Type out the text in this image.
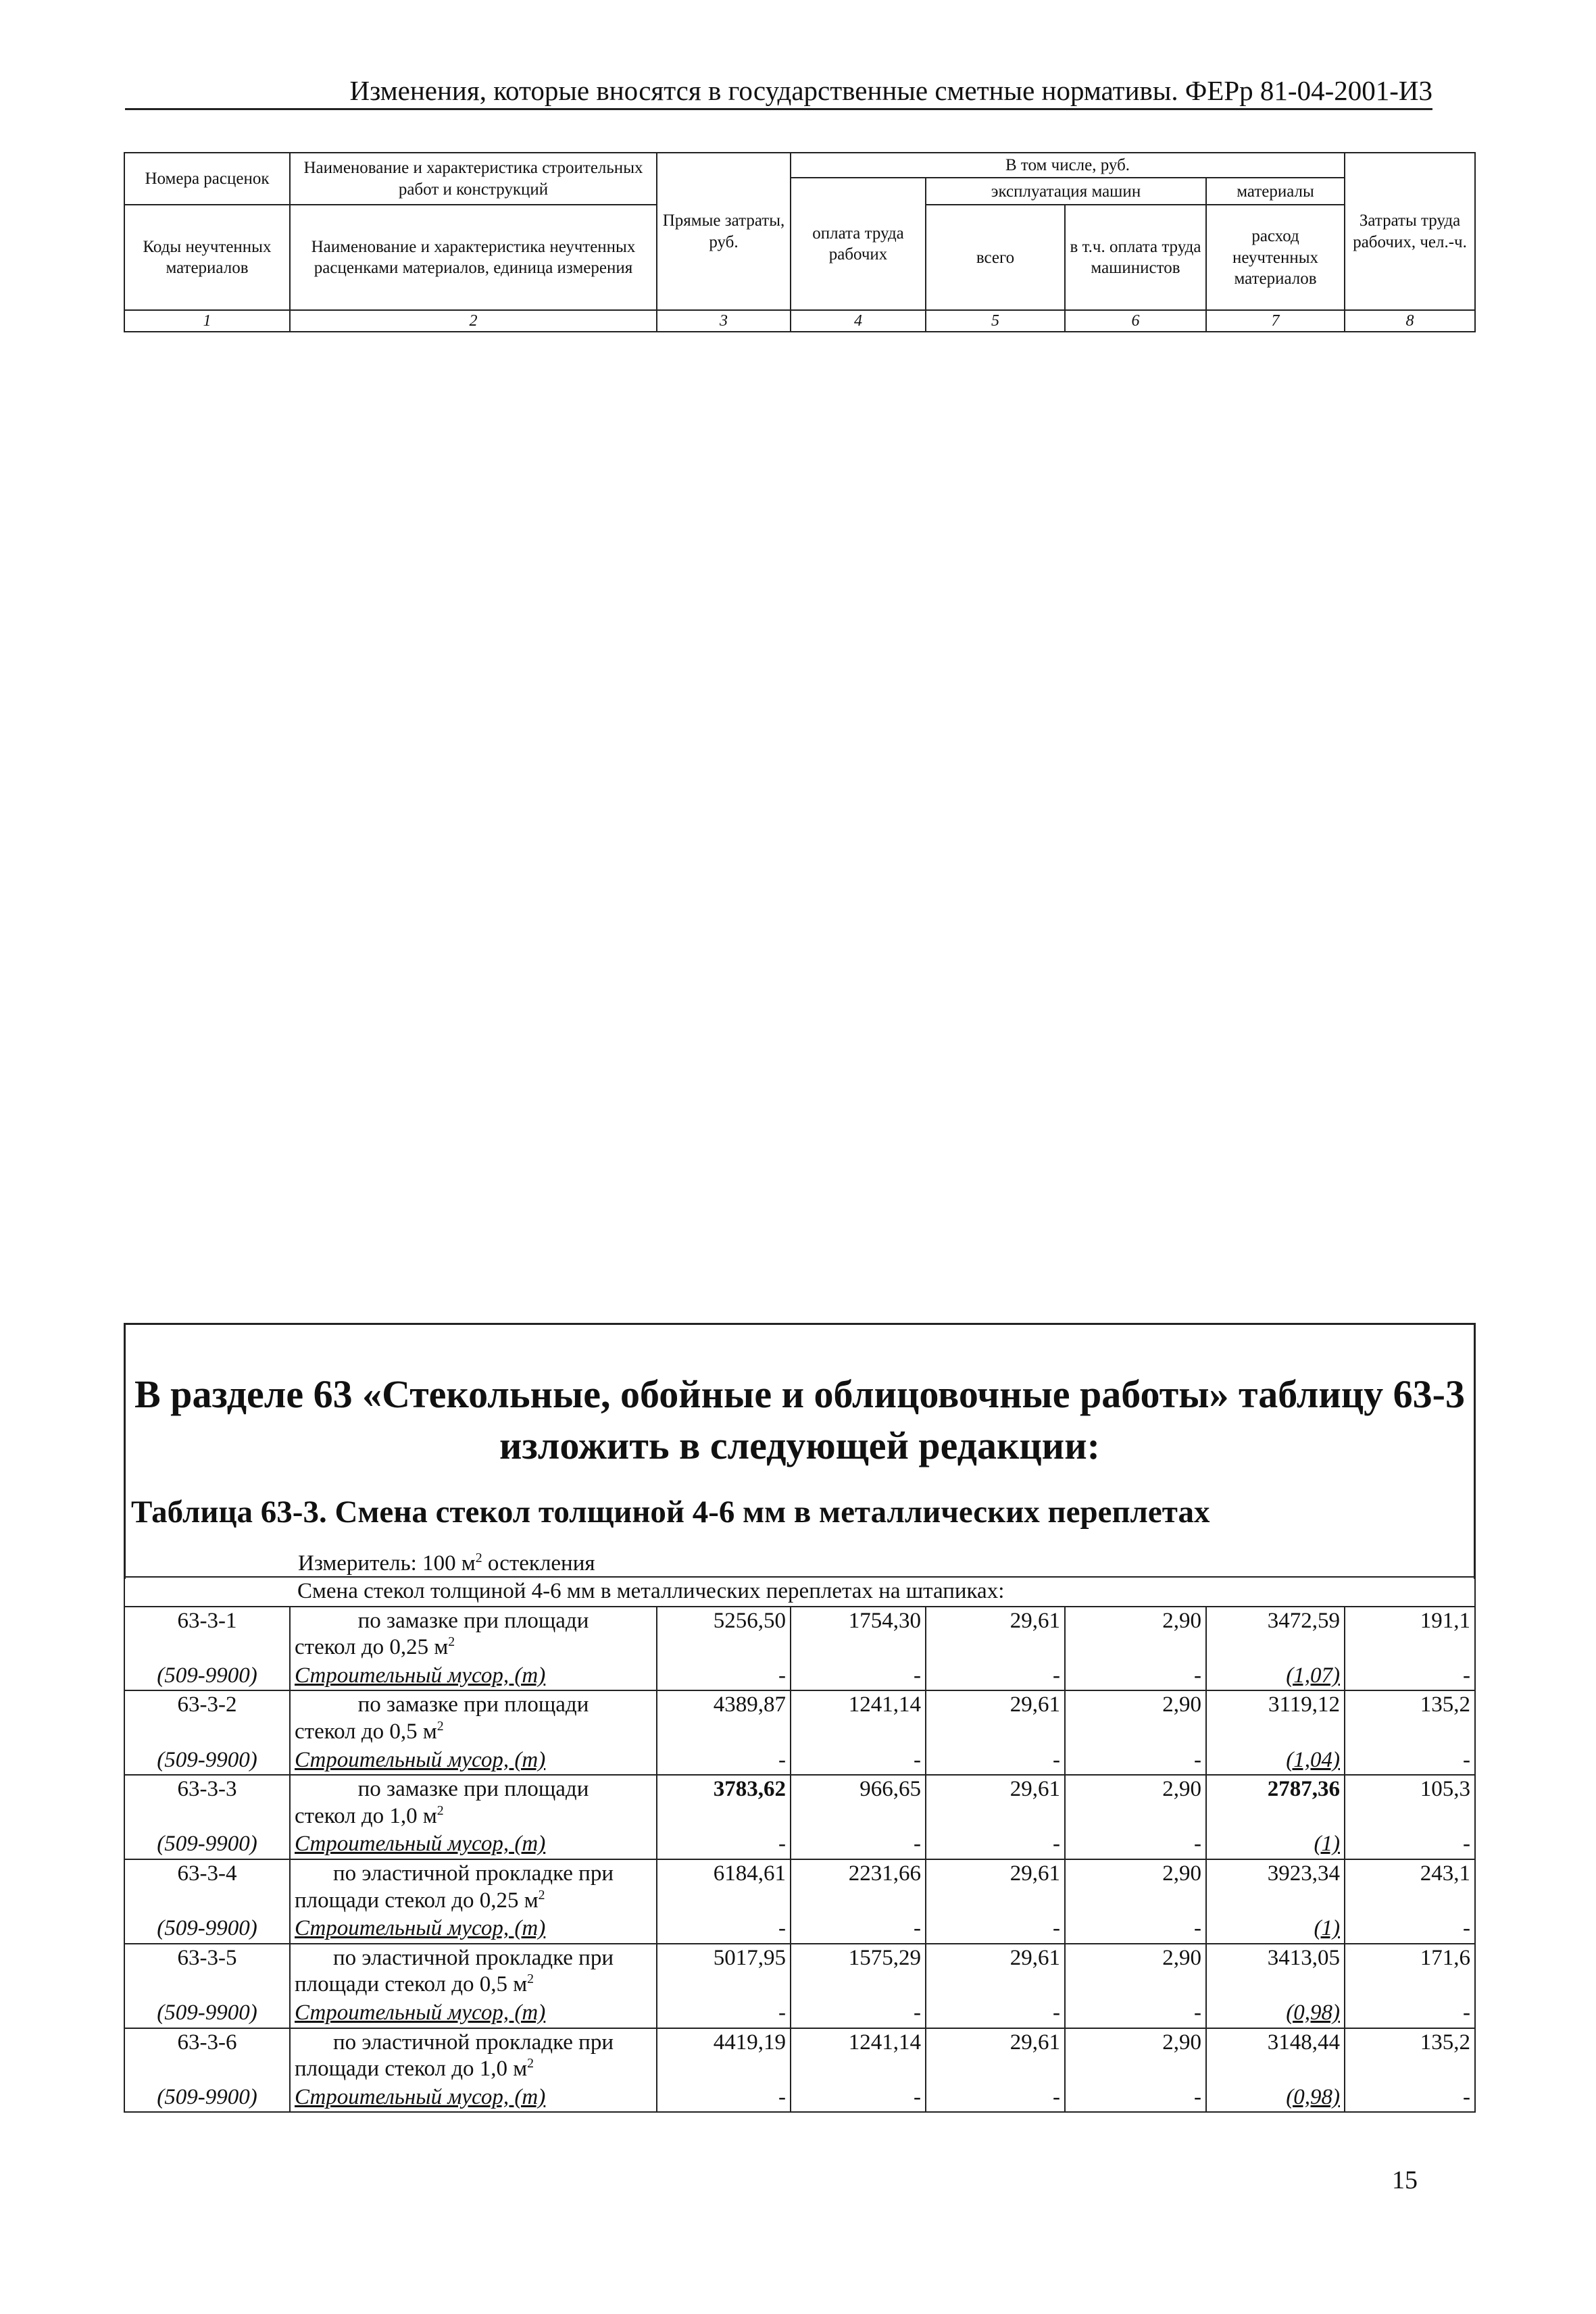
Изменения, которые вносятся в государственные сметные нормативы. ФЕРр 81-04-2001-И3
Номера расценок	Наименование и характеристика строительных работ и конструкций	Прямые затраты, руб.	В том числе, руб.				Затраты труда рабочих, чел.-ч.
			оплата труда рабочих	эксплуатация машин		материалы	
Коды неучтенных материалов	Наименование и характеристика неучтенных расценками материалов, единица измерения			всего	в т.ч. оплата труда машинистов	расход неучтенных материалов	

1	2	3	4	5	6	7	8
В разделе 63 «Стекольные, обойные и облицовочные работы» таблицу 63-3 изложить в следующей редакции:
Таблица 63-3. Смена стекол толщиной 4-6 мм в металлических переплетах
Измеритель: 100 $м^2$ остекления
Смена стекол толщиной 4-6 мм в металлических переплетах на штапиках:							
63-3-1	по замазке при площади
стекол до 0,25 $м^2$	5256,50	1754,30	29,61	2,90	3472,59	191,1
(509-9900)	Строительный мусор, (т)	-	-	-	-	(1,07)	-
63-3-2	по замазке при площади
стекол до 0,5 $м^2$	4389,87	1241,14	29,61	2,90	3119,12	135,2
(509-9900)	Строительный мусор, (т)	-	-	-	-	(1,04)	-
63-3-3	по замазке при площади
стекол до 1,0 $м^2$	3783,62	966,65	29,61	2,90	2787,36	105,3
(509-9900)	Строительный мусор, (т)	-	-	-	-	(1)	-
63-3-4	по эластичной прокладке при
площади стекол до 0,25 $м^2$	6184,61	2231,66	29,61	2,90	3923,34	243,1
(509-9900)	Строительный мусор, (т)	-	-	-	-	(1)	-
63-3-5	по эластичной прокладке при
площади стекол до 0,5 $м^2$	5017,95	1575,29	29,61	2,90	3413,05	171,6
(509-9900)	Строительный мусор, (т)	-	-	-	-	(0,98)	-
63-3-6	по эластичной прокладке при
площади стекол до 1,0 $м^2$	4419,19	1241,14	29,61	2,90	3148,44	135,2
(509-9900)	Строительный мусор, (т)	-	-	-	-	(0,98)	-
15
